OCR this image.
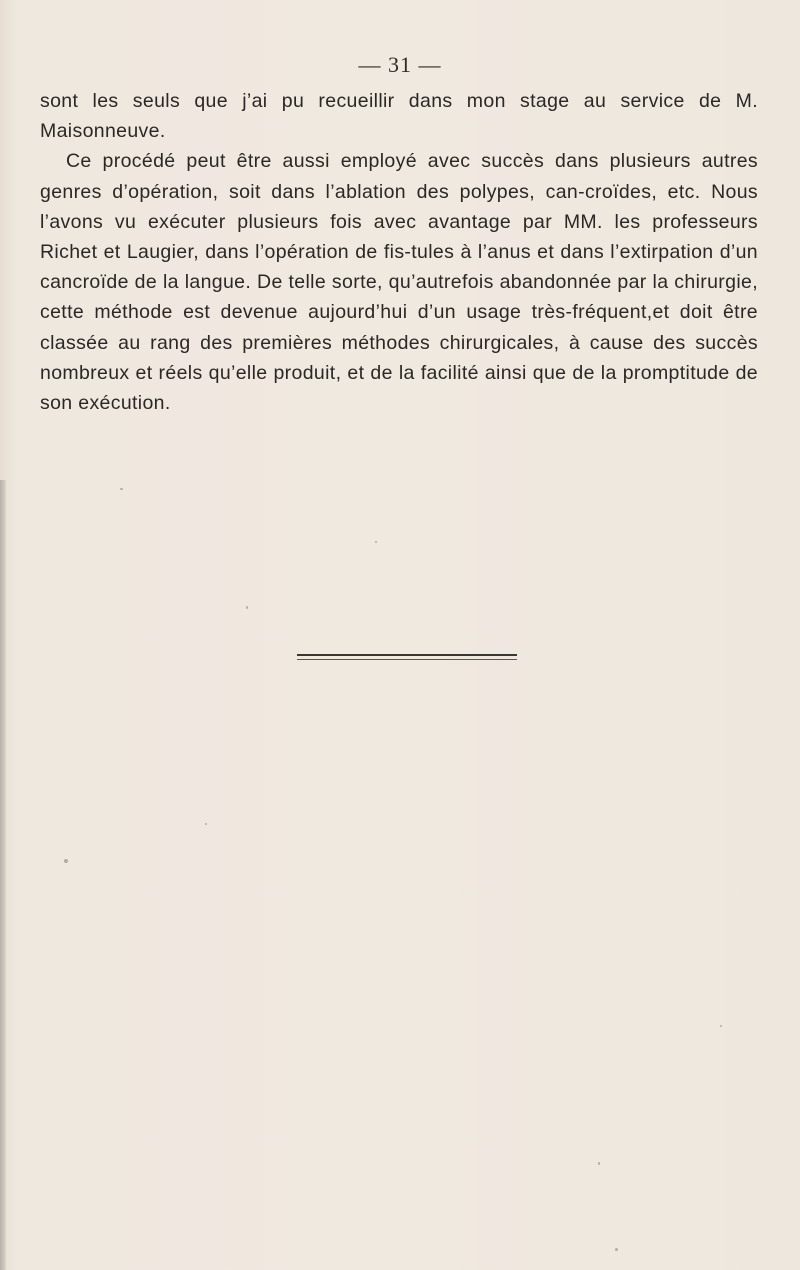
— 31 —

sont les seuls que j’ai pu recueillir dans mon stage au service de M. Maisonneuve.

Ce procédé peut être aussi employé avec succès dans plusieurs autres genres d’opération, soit dans l’ablation des polypes, can-croïdes, etc. Nous l’avons vu exécuter plusieurs fois avec avantage par MM. les professeurs Richet et Laugier, dans l’opération de fis-tules à l’anus et dans l’extirpation d’un cancroïde de la langue. De telle sorte, qu’autrefois abandonnée par la chirurgie, cette méthode est devenue aujourd’hui d’un usage très-fréquent,et doit être classée au rang des premières méthodes chirurgicales, à cause des succès nombreux et réels qu’elle produit, et de la facilité ainsi que de la promptitude de son exécution.
